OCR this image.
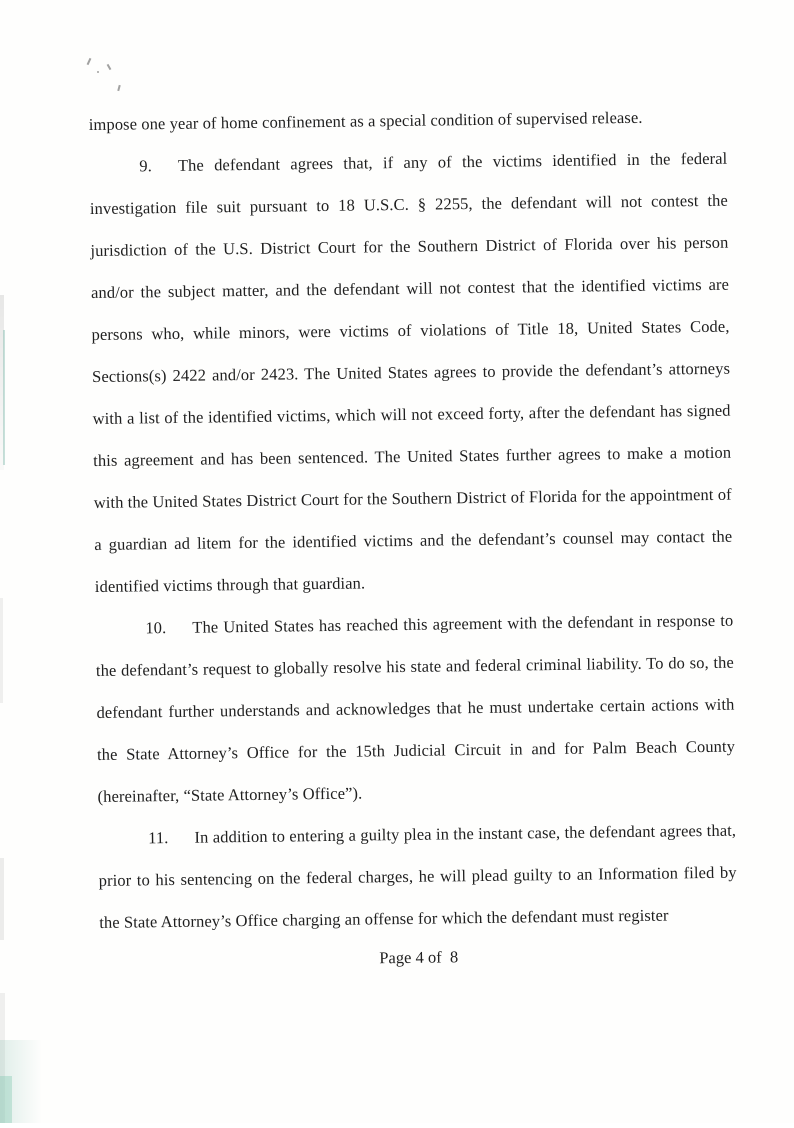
impose one year of home confinement as a special condition of supervised release.

9. The defendant agrees that, if any of the victims identified in the federal investigation file suit pursuant to 18 U.S.C. § 2255, the defendant will not contest the jurisdiction of the U.S. District Court for the Southern District of Florida over his person and/or the subject matter, and the defendant will not contest that the identified victims are persons who, while minors, were victims of violations of Title 18, United States Code, Sections(s) 2422 and/or 2423. The United States agrees to provide the defendant’s attorneys with a list of the identified victims, which will not exceed forty, after the defendant has signed this agreement and has been sentenced. The United States further agrees to make a motion with the United States District Court for the Southern District of Florida for the appointment of a guardian ad litem for the identified victims and the defendant’s counsel may contact the identified victims through that guardian.

10. The United States has reached this agreement with the defendant in response to the defendant’s request to globally resolve his state and federal criminal liability. To do so, the defendant further understands and acknowledges that he must undertake certain actions with the State Attorney’s Office for the 15th Judicial Circuit in and for Palm Beach County (hereinafter, “State Attorney’s Office”).

11. In addition to entering a guilty plea in the instant case, the defendant agrees that, prior to his sentencing on the federal charges, he will plead guilty to an Information filed by the State Attorney’s Office charging an offense for which the defendant must register

Page 4 of  8
